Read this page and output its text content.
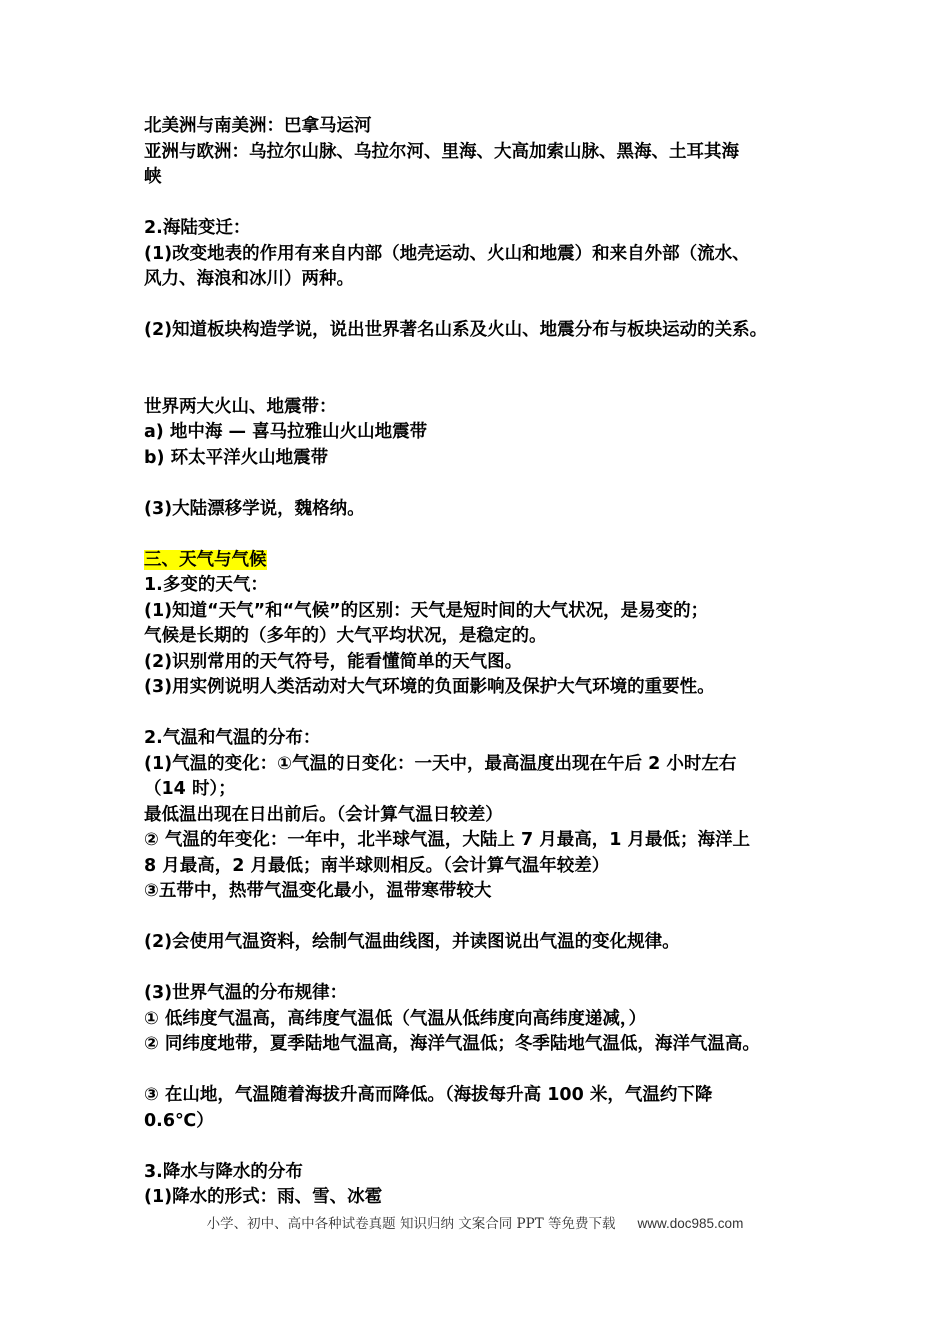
北美洲与南美洲：巴拿马运河
亚洲与欧洲：乌拉尔山脉、乌拉尔河、里海、大高加索山脉、黑海、土耳其海
峡
2.海陆变迁：
(1)改变地表的作用有来自内部（地壳运动、火山和地震）和来自外部（流水、
风力、海浪和冰川）两种。
(2)知道板块构造学说，说出世界著名山系及火山、地震分布与板块运动的关系。
世界两大火山、地震带：
a) 地中海 — 喜马拉雅山火山地震带
b) 环太平洋火山地震带
(3)大陆漂移学说，魏格纳。
三、天气与气候
1.多变的天气：
(1)知道“天气”和“气候”的区别：天气是短时间的大气状况，是易变的；
气候是长期的（多年的）大气平均状况，是稳定的。
(2)识别常用的天气符号，能看懂简单的天气图。
(3)用实例说明人类活动对大气环境的负面影响及保护大气环境的重要性。
2.气温和气温的分布：
(1)气温的变化：①气温的日变化：一天中，最高温度出现在午后 2 小时左右
（14 时）；
最低温出现在日出前后。（会计算气温日较差）
② 气温的年变化：一年中，北半球气温，大陆上 7 月最高，1 月最低；海洋上
8 月最高，2 月最低；南半球则相反。（会计算气温年较差）
③五带中，热带气温变化最小，温带寒带较大
(2)会使用气温资料，绘制气温曲线图，并读图说出气温的变化规律。
(3)世界气温的分布规律：
① 低纬度气温高，高纬度气温低（气温从低纬度向高纬度递减，）
② 同纬度地带，夏季陆地气温高，海洋气温低；冬季陆地气温低，海洋气温高。
③ 在山地，气温随着海拔升高而降低。（海拔每升高 100 米，气温约下降
0.6℃）
3.降水与降水的分布
(1)降水的形式：雨、雪、冰雹
小学、初中、高中各种试卷真题 知识归纳 文案合同 PPT 等免费下载 www.doc985.com
